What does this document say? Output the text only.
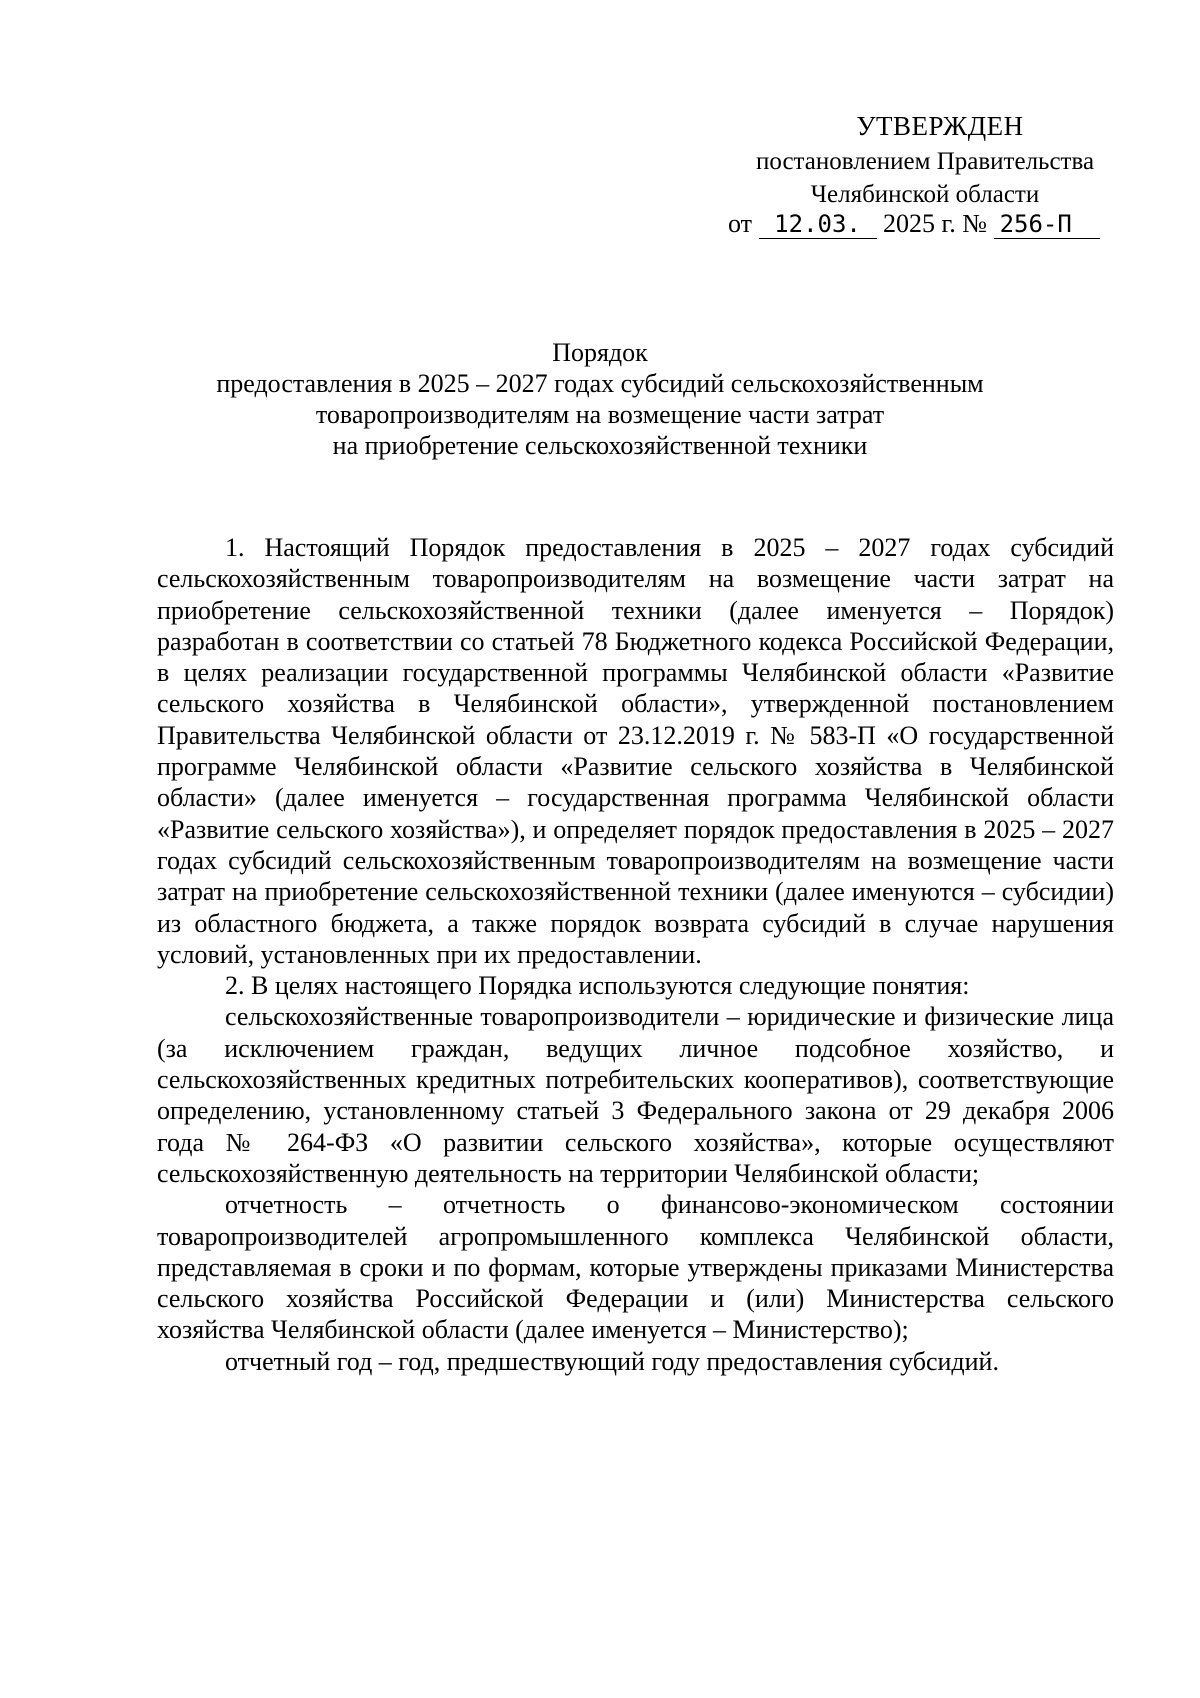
УТВЕРЖДЕН
постановлением Правительства
Челябинской области
от 12.03. 2025 г. № 256-П
Порядок
предоставления в 2025 – 2027 годах субсидий сельскохозяйственным
товаропроизводителям на возмещение части затрат
на приобретение сельскохозяйственной техники

1. Настоящий Порядок предоставления в 2025 – 2027 годах субсидий сельскохозяйственным товаропроизводителям на возмещение части затрат на приобретение сельскохозяйственной техники (далее именуется – Порядок) разработан в соответствии со статьей 78 Бюджетного кодекса Российской Федерации, в целях реализации государственной программы Челябинской области «Развитие сельского хозяйства в Челябинской области», утвержденной постановлением Правительства Челябинской области от 23.12.2019 г. № 583-П «О государственной программе Челябинской области «Развитие сельского хозяйства в Челябинской области» (далее именуется – государственная программа Челябинской области «Развитие сельского хозяйства»), и определяет порядок предоставления в 2025 – 2027 годах субсидий сельскохозяйственным товаропроизводителям на возмещение части затрат на приобретение сельскохозяйственной техники (далее именуются – субсидии) из областного бюджета, а также порядок возврата субсидий в случае нарушения условий, установленных при их предоставлении.

2. В целях настоящего Порядка используются следующие понятия:

сельскохозяйственные товаропроизводители – юридические и физические лица (за исключением граждан, ведущих личное подсобное хозяйство, и сельскохозяйственных кредитных потребительских кооперативов), соответствующие определению, установленному статьей 3 Федерального закона от 29 декабря 2006 года № 264-ФЗ «О развитии сельского хозяйства», которые осуществляют сельскохозяйственную деятельность на территории Челябинской области;

отчетность – отчетность о финансово-экономическом состоянии товаропроизводителей агропромышленного комплекса Челябинской области, представляемая в сроки и по формам, которые утверждены приказами Министерства сельского хозяйства Российской Федерации и (или) Министерства сельского хозяйства Челябинской области (далее именуется – Министерство);

отчетный год – год, предшествующий году предоставления субсидий.
